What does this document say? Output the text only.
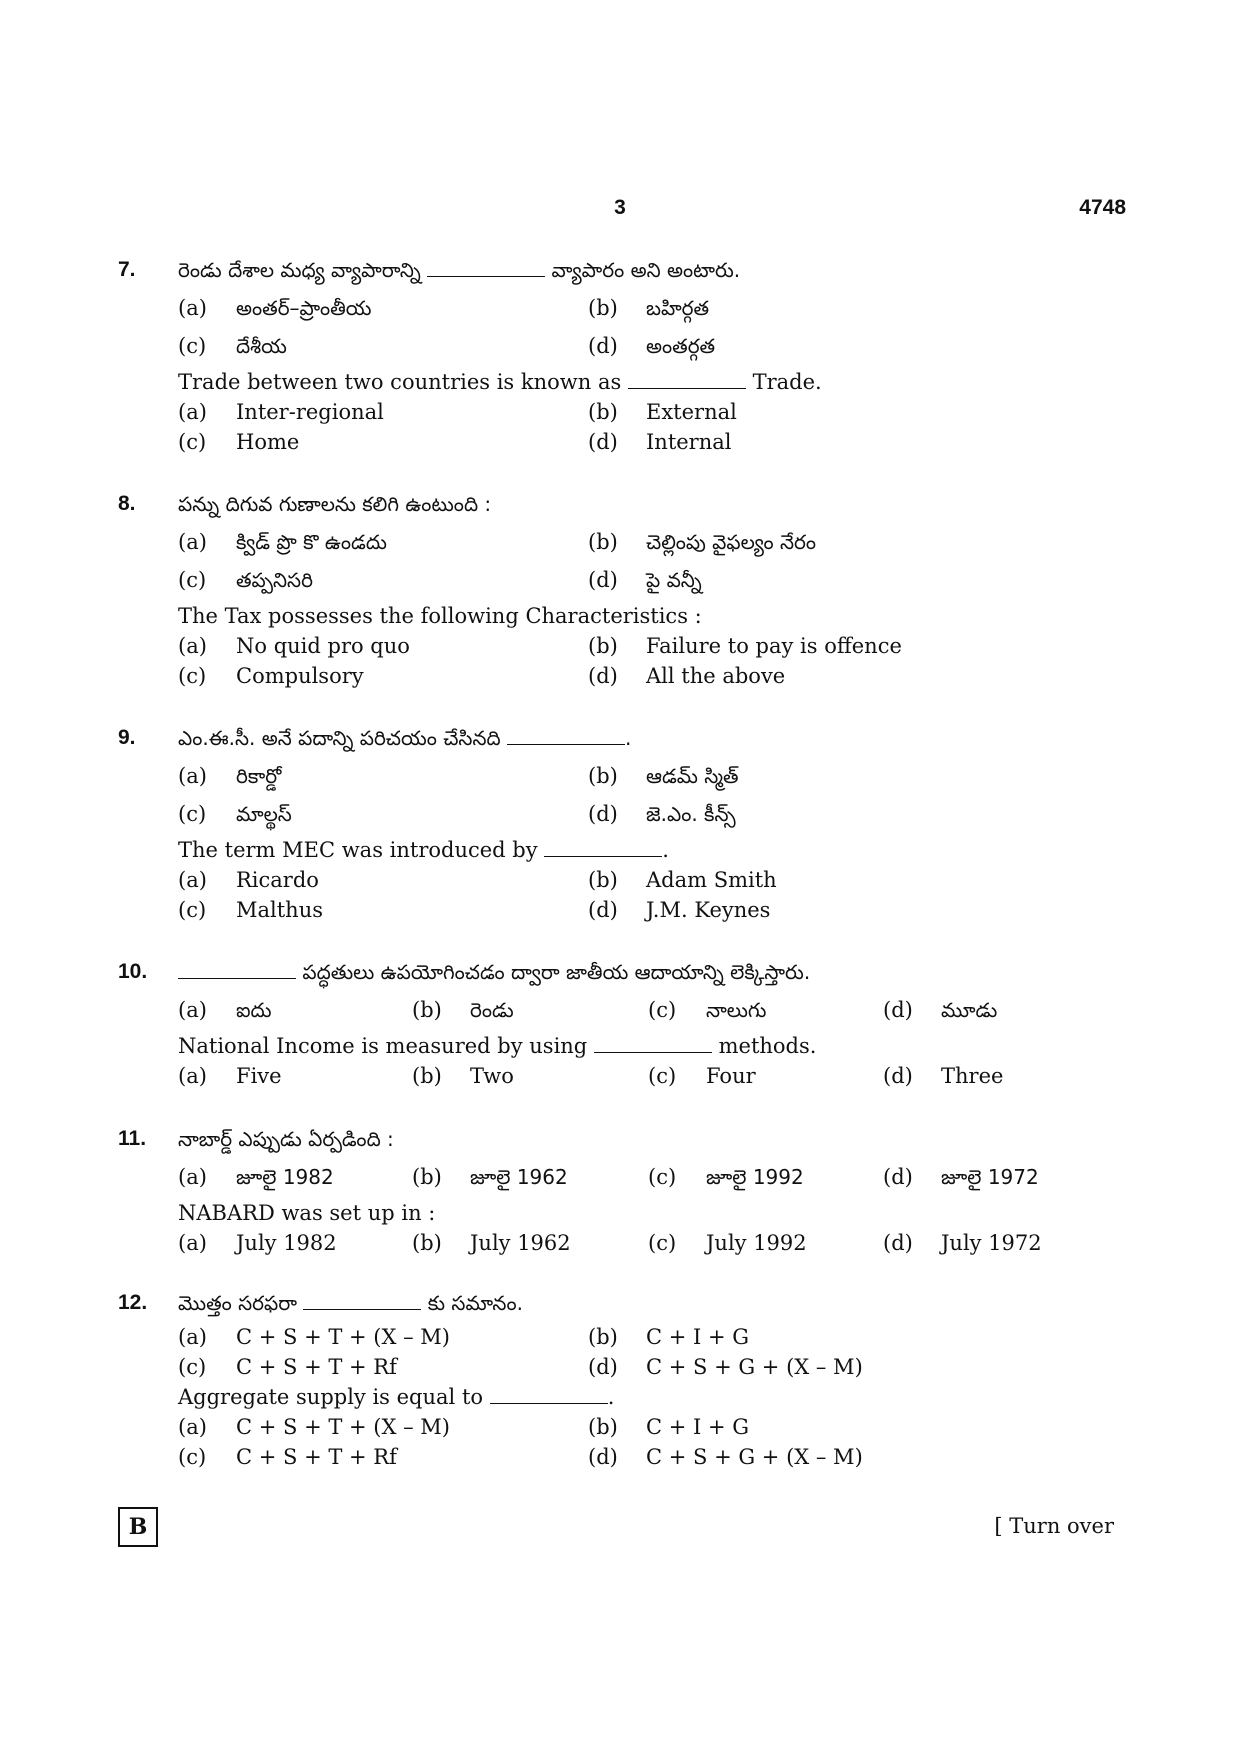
3	4748
7. రెండు దేశాల మధ్య వ్యాపారాన్ని	వ్యాపారం అని అంటారు.
(a) అంతర్–ప్రాంతీయ	(b) బహిర్గత
(c) దేశీయ	(d) అంతర్గత
Trade between two countries is known as	Trade.
(a) Inter-regional	(b) External
(c) Home	(d) Internal
8. పన్ను దిగువ గుణాలను కలిగి ఉంటుంది :
(a) క్విడ్ ప్రొ కొ ఉండదు	(b) చెల్లింపు వైఫల్యం నేరం
(c) తప్పనిసరి	(d) పై వన్నీ
The Tax possesses the following Characteristics :
(a) No quid pro quo	(b) Failure to pay is offence
(c) Compulsory	(d) All the above
9. ఎం.ఈ.సీ. అనే పదాన్ని పరిచయం చేసినది	.
(a) రికార్డో	(b) ఆడమ్ స్మిత్
(c) మాల్థస్	(d) జె.ఎం. కీన్స్
The term MEC was introduced by	.
(a) Ricardo	(b) Adam Smith
(c) Malthus	(d) J.M. Keynes
10.	పద్ధతులు ఉపయోగించడం ద్వారా జాతీయ ఆదాయాన్ని లెక్కిస్తారు.
(a) ఐదు	(b) రెండు	(c) నాలుగు	(d) మూడు
National Income is measured by using	methods.
(a) Five	(b) Two	(c) Four	(d) Three
11. నాబార్డ్ ఎప్పుడు ఏర్పడింది :
(a) జూలై 1982	(b) జూలై 1962	(c) జూలై 1992	(d) జూలై 1972
NABARD was set up in :
(a) July 1982	(b) July 1962	(c) July 1992	(d) July 1972
12. మొత్తం సరఫరా	కు సమానం.
(a) C + S + T + (X – M)	(b) C + I + G
(c) C + S + T + Rf	(d) C + S + G + (X – M)
Aggregate supply is equal to	.
(a) C + S + T + (X – M)	(b) C + I + G
(c) C + S + T + Rf	(d) C + S + G + (X – M)
B	[ Turn over
